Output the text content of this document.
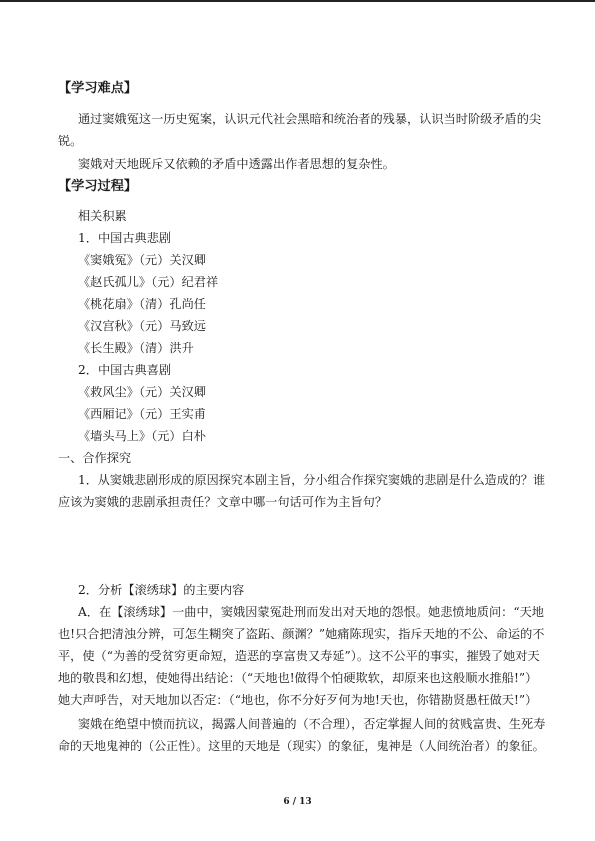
【学习难点】
通过窦娥冤这一历史冤案，认识元代社会黑暗和统治者的残暴，认识当时阶级矛盾的尖
锐。
窦娥对天地既斥又依赖的矛盾中透露出作者思想的复杂性。
【学习过程】
相关积累
1．中国古典悲剧
《窦娥冤》（元）关汉卿
《赵氏孤儿》（元）纪君祥
《桃花扇》（清）孔尚任
《汉宫秋》（元）马致远
《长生殿》（清）洪升
2．中国古典喜剧
《救风尘》（元）关汉卿
《西厢记》（元）王实甫
《墙头马上》（元）白朴
一、合作探究
1．从窦娥悲剧形成的原因探究本剧主旨，分小组合作探究窦娥的悲剧是什么造成的？谁
应该为窦娥的悲剧承担责任？文章中哪一句话可作为主旨句？
2．分析【滚绣球】的主要内容
A．在【滚绣球】一曲中，窦娥因蒙冤赴刑而发出对天地的怨恨。她悲愤地质问：“天地
也!只合把清浊分辨，可怎生糊突了盗跖、颜渊？”她痛陈现实，指斥天地的不公、命运的不
平，使（“为善的受贫穷更命短，造恶的享富贵又寿延”）。这不公平的事实，摧毁了她对天
地的敬畏和幻想，使她得出结论：（“天地也!做得个怕硬欺软，却原来也这般顺水推船!”）
她大声呼告，对天地加以否定：（“地也，你不分好歹何为地!天也，你错勘贤愚枉做天!”）
窦娥在绝望中愤而抗议，揭露人间普遍的（不合理），否定掌握人间的贫贱富贵、生死寿
命的天地鬼神的（公正性）。这里的天地是（现实）的象征，鬼神是（人间统治者）的象征。
6 / 13
